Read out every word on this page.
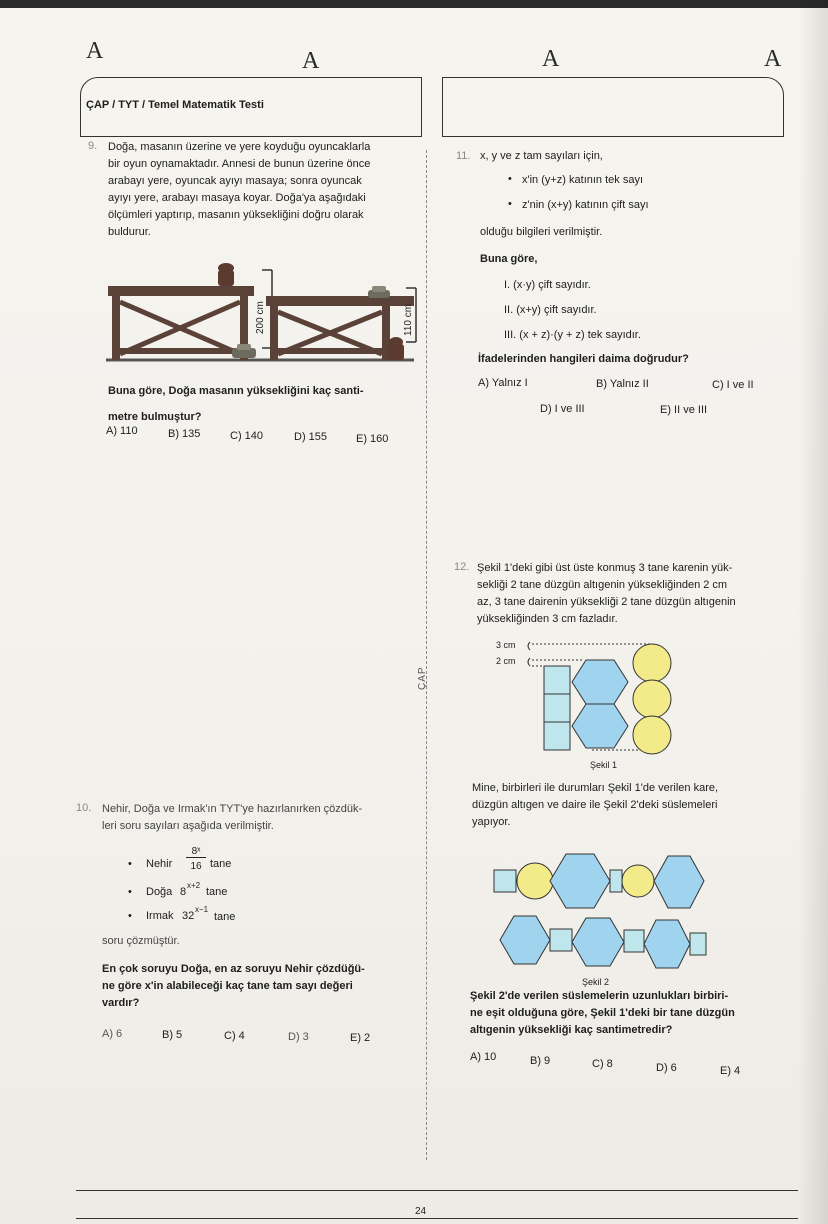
A	A	A	A
ÇAP / TYT / Temel Matematik Testi
ÇAP
9. Doğa, masanın üzerine ve yere koyduğu oyuncaklarla
bir oyun oynamaktadır. Annesi de bunun üzerine önce
arabayı yere, oyuncak ayıyı masaya; sonra oyuncak
ayıyı yere, arabayı masaya koyar. Doğa'ya aşağıdaki
ölçümleri yaptırıp, masanın yüksekliğini doğru olarak
buldurur.
200 cm	110 cm
Buna göre, Doğa masanın yüksekliğini kaç santi-
metre bulmuştur?
A) 110	B) 135	C) 140	D) 155	E) 160
10. Nehir, Doğa ve Irmak'ın TYT'ye hazırlanırken çözdük-
leri soru sayıları aşağıda verilmiştir.
• Nehir
8ˣ
16 tane
• Doğa 8
x+2
tane
• Irmak 32
x−1
tane
soru çözmüştür.
En çok soruyu Doğa, en az soruyu Nehir çözdüğü-
ne göre x'in alabileceği kaç tane tam sayı değeri
vardır?
A) 6	B) 5	C) 4	D) 3	E) 2
11. x, y ve z tam sayıları için,
• x'in (y+z) katının tek sayı
• z'nin (x+y) katının çift sayı
olduğu bilgileri verilmiştir.
Buna göre,
I. (x·y) çift sayıdır.
II. (x+y) çift sayıdır.
III. (x + z)·(y + z) tek sayıdır.
İfadelerinden hangileri daima doğrudur?
A) Yalnız I	B) Yalnız II	C) I ve II
D) I ve III	E) II ve III
12. Şekil 1'deki gibi üst üste konmuş 3 tane karenin yük-
sekliği 2 tane düzgün altıgenin yüksekliğinden 2 cm
az, 3 tane dairenin yüksekliği 2 tane düzgün altıgenin
yüksekliğinden 3 cm fazladır.
3 cm
2 cm
Şekil 1
Mine, birbirleri ile durumları Şekil 1'de verilen kare,
düzgün altıgen ve daire ile Şekil 2'deki süslemeleri
yapıyor.
Şekil 2
Şekil 2'de verilen süslemelerin uzunlukları birbiri-
ne eşit olduğuna göre, Şekil 1'deki bir tane düzgün
altıgenin yüksekliği kaç santimetredir?
A) 10	B) 9	C) 8	D) 6	E) 4
24
